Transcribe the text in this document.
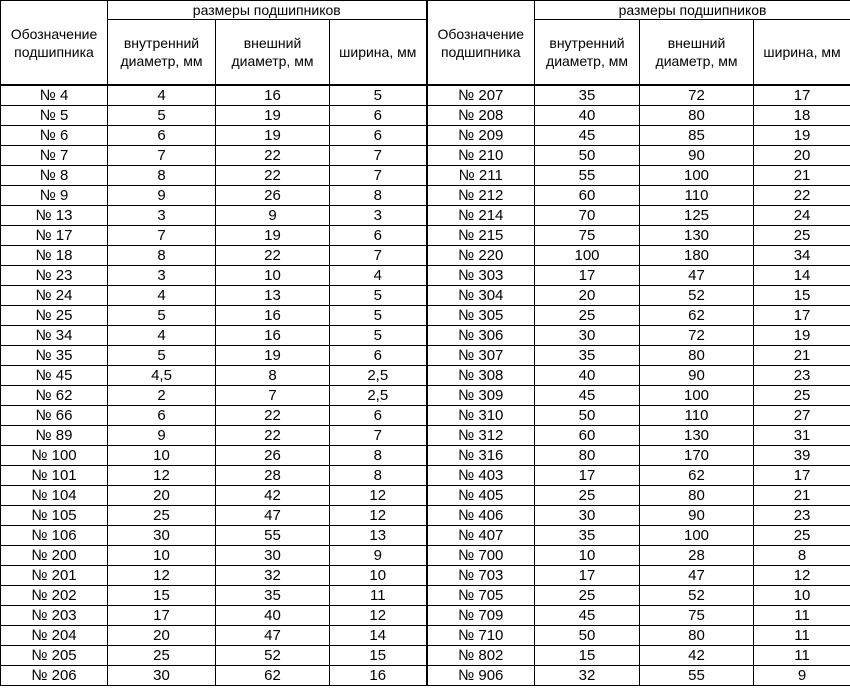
Обозначение подшипника	размеры подшипников			Обозначение подшипника	размеры подшипников		
	внутренний диаметр, мм	внешний диаметр, мм	ширина, мм		внутренний диаметр, мм	внешний диаметр, мм	ширина, мм
№ 4	4	16	5	№ 207	35	72	17
№ 5	5	19	6	№ 208	40	80	18
№ 6	6	19	6	№ 209	45	85	19
№ 7	7	22	7	№ 210	50	90	20
№ 8	8	22	7	№ 211	55	100	21
№ 9	9	26	8	№ 212	60	110	22
№ 13	3	9	3	№ 214	70	125	24
№ 17	7	19	6	№ 215	75	130	25
№ 18	8	22	7	№ 220	100	180	34
№ 23	3	10	4	№ 303	17	47	14
№ 24	4	13	5	№ 304	20	52	15
№ 25	5	16	5	№ 305	25	62	17
№ 34	4	16	5	№ 306	30	72	19
№ 35	5	19	6	№ 307	35	80	21
№ 45	4,5	8	2,5	№ 308	40	90	23
№ 62	2	7	2,5	№ 309	45	100	25
№ 66	6	22	6	№ 310	50	110	27
№ 89	9	22	7	№ 312	60	130	31
№ 100	10	26	8	№ 316	80	170	39
№ 101	12	28	8	№ 403	17	62	17
№ 104	20	42	12	№ 405	25	80	21
№ 105	25	47	12	№ 406	30	90	23
№ 106	30	55	13	№ 407	35	100	25
№ 200	10	30	9	№ 700	10	28	8
№ 201	12	32	10	№ 703	17	47	12
№ 202	15	35	11	№ 705	25	52	10
№ 203	17	40	12	№ 709	45	75	11
№ 204	20	47	14	№ 710	50	80	11
№ 205	25	52	15	№ 802	15	42	11
№ 206	30	62	16	№ 906	32	55	9
